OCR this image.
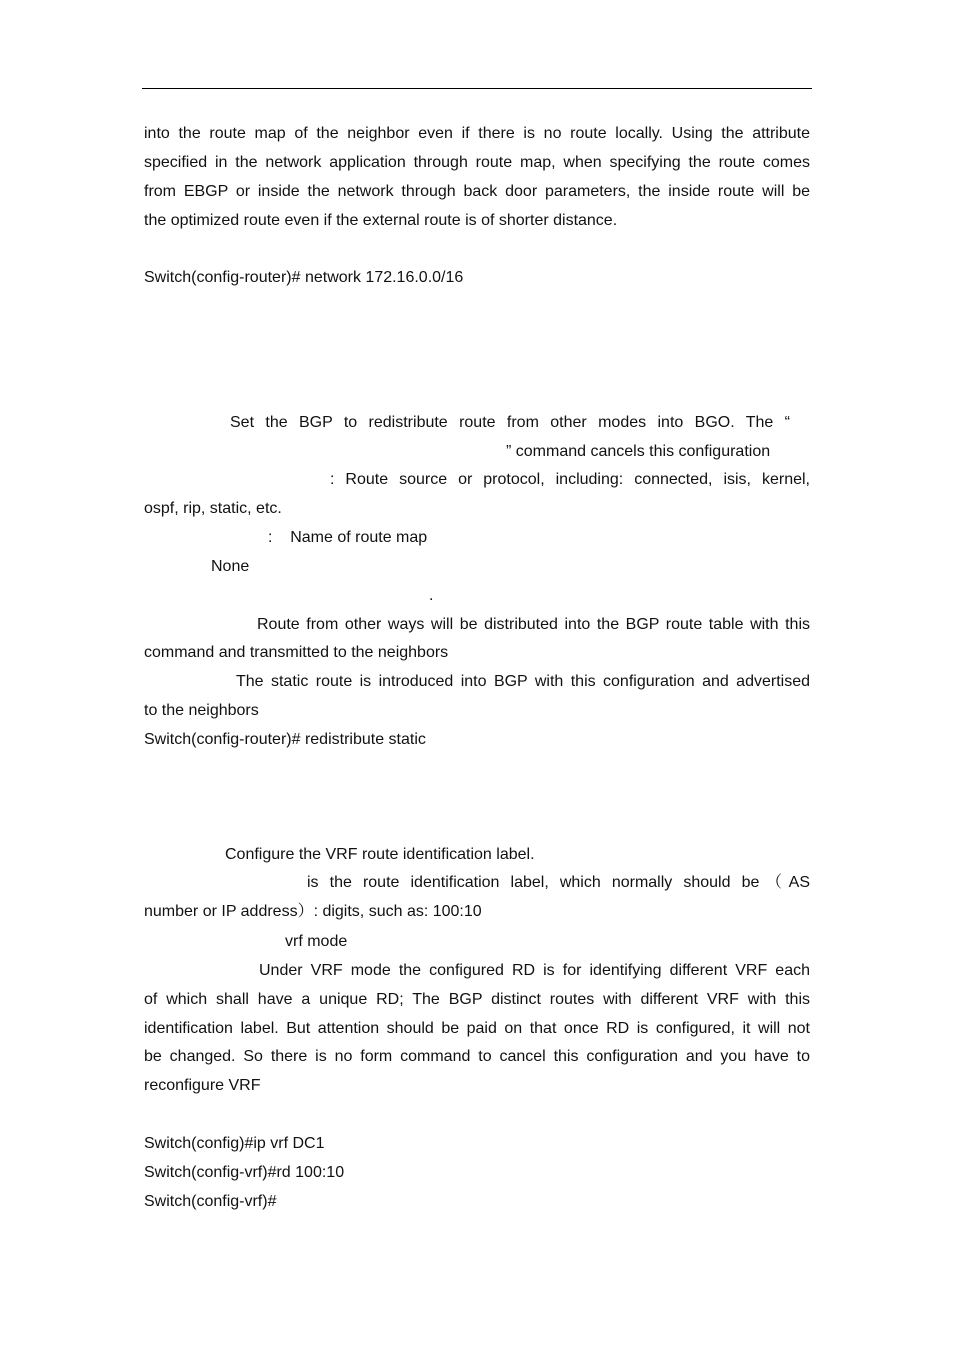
into the route map of the neighbor even if there is no route locally. Using the attribute

specified in the network application through route map, when specifying the route comes

from EBGP or inside the network through back door parameters, the inside route will be

the optimized route even if the external route is of shorter distance.

Switch(config-router)# network 172.16.0.0/16

Set the BGP to redistribute route from other modes into BGO. The “

” command cancels this configuration

: Route source or protocol, including: connected, isis, kernel,

ospf, rip, static, etc.

:    Name of route map

None

.

Route from other ways will be distributed into the BGP route table with this

command and transmitted to the neighbors

The static route is introduced into BGP with this configuration and advertised

to the neighbors

Switch(config-router)# redistribute static

Configure the VRF route identification label.

is the route identification label, which normally should be（AS

number or IP address）: digits, such as: 100:10

vrf mode

Under VRF mode the configured RD is for identifying different VRF each

of which shall have a unique RD; The BGP distinct routes with different VRF with this

identification label. But attention should be paid on that once RD is configured, it will not

be changed. So there is no form command to cancel this configuration and you have to

reconfigure VRF

Switch(config)#ip vrf DC1

Switch(config-vrf)#rd 100:10

Switch(config-vrf)#
